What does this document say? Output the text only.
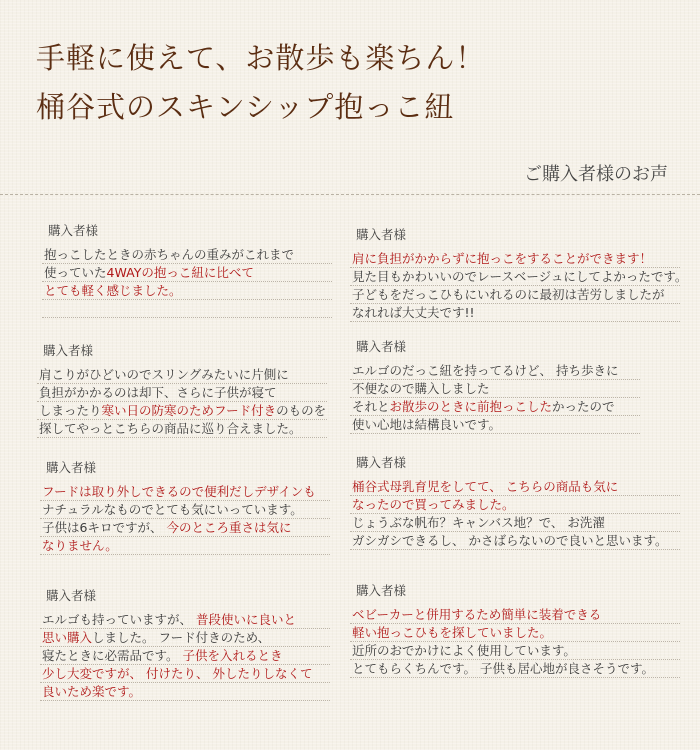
手軽に使えて、お散歩も楽ちん！
桶谷式のスキンシップ抱っこ紐
ご購入者様のお声
購入者様
抱っこしたときの赤ちゃんの重みがこれまで
使っていた4WAYの抱っこ紐に比べて
とても軽く感じました。
購入者様
肩に負担がかからずに抱っこをすることができます！
見た目もかわいいのでレースベージュにしてよかったです。
子どもをだっこひもにいれるのに最初は苦労しましたが
なれれば大丈夫です!!
購入者様
肩こりがひどいのでスリングみたいに片側に
負担がかかるのは却下、さらに子供が寝て
しまったり寒い日の防寒のためフード付きのものを
探してやっとこちらの商品に巡り合えました。
購入者様
エルゴのだっこ紐を持ってるけど、 持ち歩きに
不便なので購入しました
それとお散歩のときに前抱っこしたかったので
使い心地は結構良いです。
購入者様
フードは取り外しできるので便利だしデザインも
ナチュラルなものでとても気にいっています。
子供は6キロですが、 今のところ重さは気に
なりません。
購入者様
桶谷式母乳育児をしてて、 こちらの商品も気に
なったので買ってみました。
じょうぶな帆布？キャンバス地？で、 お洗濯
ガシガシできるし、 かさばらないので良いと思います。
購入者様
エルゴも持っていますが、 普段使いに良いと
思い購入しました。 フード付きのため、
寝たときに必需品です。 子供を入れるとき
少し大変ですが、 付けたり、 外したりしなくて
良いため楽です。
購入者様
ベビーカーと併用するため簡単に装着できる
軽い抱っこひもを探していました。
近所のおでかけによく使用しています。
とてもらくちんです。 子供も居心地が良さそうです。
